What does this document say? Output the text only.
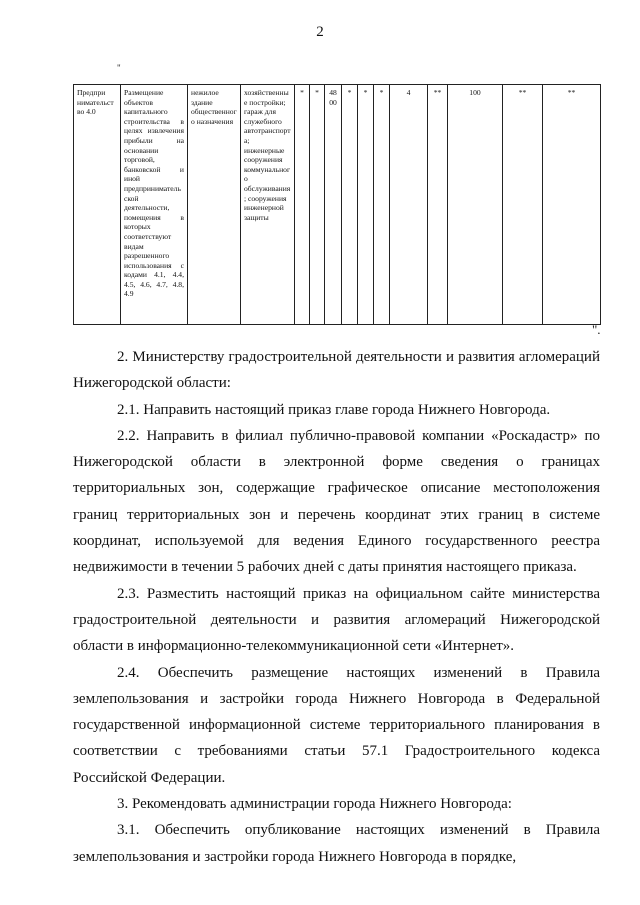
2
"
Предпри нимательство 4.0	Размещение объектов капитального строительства в целях извлечения прибыли на основании торговой, банковской и иной предпринимательской деятельности, помещения в которых соответствуют видам разрешенного использования с кодами 4.1, 4.4, 4.5, 4.6, 4.7, 4.8, 4.9	нежилое здание общественного назначения	хозяйственные постройки; гараж для служебного автотранспорта; инженерные сооружения коммунального обслуживания; сооружения инженерной защиты	*	*	48 00	*	*	*	4	**	100	**	**
".

2. Министерству градостроительной деятельности и развития агломераций Нижегородской области:

2.1. Направить настоящий приказ главе города Нижнего Новгорода.

2.2. Направить в филиал публично-правовой компании «Роскадастр» по Нижегородской области в электронной форме сведения о границах территориальных зон, содержащие графическое описание местоположения границ территориальных зон и перечень координат этих границ в системе координат, используемой для ведения Единого государственного реестра недвижимости в течении 5 рабочих дней с даты принятия настоящего приказа.

2.3. Разместить настоящий приказ на официальном сайте министерства градостроительной деятельности и развития агломераций Нижегородской области в информационно-телекоммуникационной сети «Интернет».

2.4. Обеспечить размещение настоящих изменений в Правила землепользования и застройки города Нижнего Новгорода в Федеральной государственной информационной системе территориального планирования в соответствии с требованиями статьи 57.1 Градостроительного кодекса Российской Федерации.

3. Рекомендовать администрации города Нижнего Новгорода:

3.1. Обеспечить опубликование настоящих изменений в Правила землепользования и застройки города Нижнего Новгорода в порядке,
